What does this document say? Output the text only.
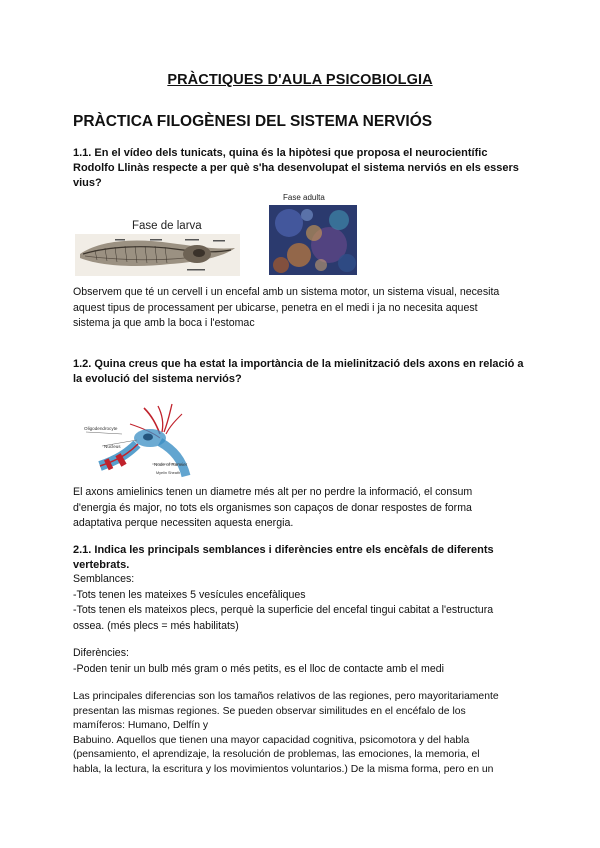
PRÀCTIQUES D'AULA PSICOBIOLGIA
PRÀCTICA FILOGÈNESI DEL SISTEMA NERVIÓS
1.1. En el vídeo dels tunicats, quina és la hipòtesi que proposa el neurocientífic
Rodolfo Llinàs respecte a per què s'ha desenvolupat el sistema nerviós en els essers
vius?
Fase de larva
Fase adulta
Observem que té un cervell i un encefal amb un sistema motor, un sistema visual, necesita
aquest tipus de processament per ubicarse, penetra en el medi i ja no necesita aquest
sistema ja que amb la boca i l'estomac
1.2. Quina creus que ha estat la importància de la mielinització dels axons en relació a
la evolució del sistema nerviós?
Oligodendrocyte
Nucleus
Node of Ranvier
Myelin Sheath
El axons amielinics tenen un diametre més alt per no perdre la informació, el consum
d'energia és major, no tots els organismes son capaços de donar respostes de forma
adaptativa perque necessiten aquesta energia.
2.1. Indica les principals semblances i diferències entre els encèfals de diferents
vertebrats.
Semblances:
-Tots tenen les mateixes 5 vesícules encefàliques
-Tots tenen els mateixos plecs, perquè la superficie del encefal tingui cabitat a l'estructura
ossea. (més plecs = més habilitats)
Diferències:
-Poden tenir un bulb més gram o més petits, es el lloc de contacte amb el medi
Las principales diferencias son los tamaños relativos de las regiones, pero mayoritariamente
presentan las mismas regiones. Se pueden observar similitudes en el encéfalo de los
mamíferos: Humano, Delfín y
Babuino. Aquellos que tienen una mayor capacidad cognitiva, psicomotora y del habla
(pensamiento, el aprendizaje, la resolución de problemas, las emociones, la memoria, el
habla, la lectura, la escritura y los movimientos voluntarios.) De la misma forma, pero en un
